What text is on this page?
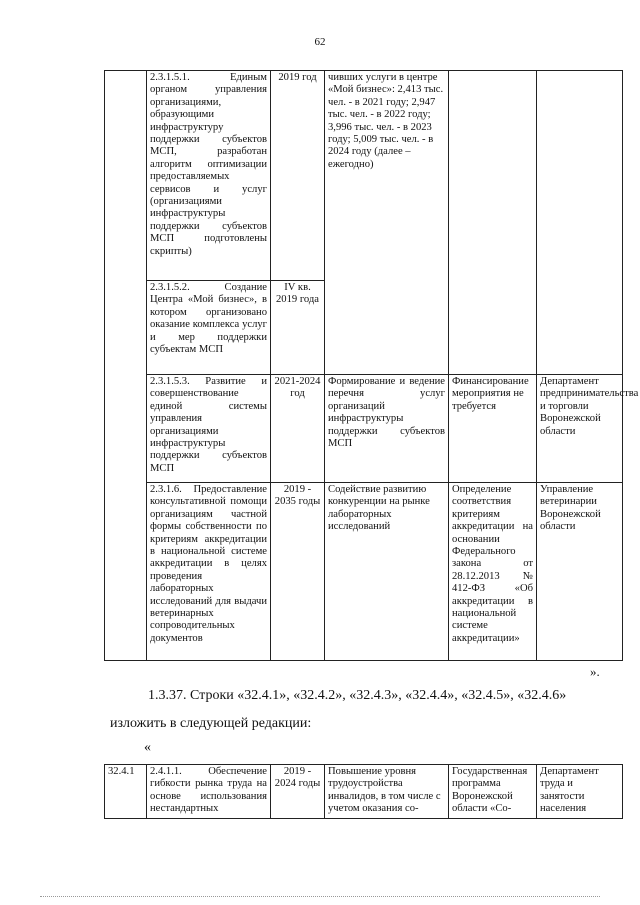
62
	2.3.1.5.1. Единым органом управления организациями, образующими инфраструктуру поддержки субъектов МСП, разработан алгоритм оптимизации предоставляемых сервисов и услуг (организациями инфраструктуры поддержки субъектов МСП подготовлены скрипты)	2019 год	чивших услуги в центре «Мой бизнес»: 2,413 тыс. чел. - в 2021 году; 2,947 тыс. чел. - в 2022 году; 3,996 тыс. чел. - в 2023 году; 5,009 тыс. чел. - в 2024 году (далее – ежегодно)		
	2.3.1.5.2. Создание Центра «Мой бизнес», в котором организовано оказание комплекса услуг и мер поддержки субъектам МСП	IV кв. 2019 года			
	2.3.1.5.3. Развитие и совершенствование единой системы управления организациями инфраструктуры поддержки субъектов МСП	2021-2024 год	Формирование и ведение перечня услуг организаций инфраструктуры поддержки субъектов МСП	Финансирование мероприятия не требуется	Департамент предпринимательства и торговли Воронежской области
	2.3.1.6. Предоставление консультативной помощи организациям частной формы собственности по критериям аккредитации в национальной системе аккредитации в целях проведения лабораторных исследований для выдачи ветеринарных сопроводительных документов	2019 - 2035 годы	Содействие развитию конкуренции на рынке лабораторных исследований	Определение соответствия критериям аккредитации на основании Федерального закона от 28.12.2013 № 412-ФЗ «Об аккредитации в национальной системе аккредитации»	Управление ветеринарии Воронежской области
».
1.3.37. Строки «32.4.1», «32.4.2», «32.4.3», «32.4.4», «32.4.5», «32.4.6»
изложить в следующей редакции:
«
32.4.1	2.4.1.1. Обеспечение гибкости рынка труда на основе использования нестандартных	2019 - 2024 годы	Повышение уровня трудоустройства инвалидов, в том числе с учетом оказания со-	Государственная программа Воронежской области «Со-	Департамент труда и занятости населения
